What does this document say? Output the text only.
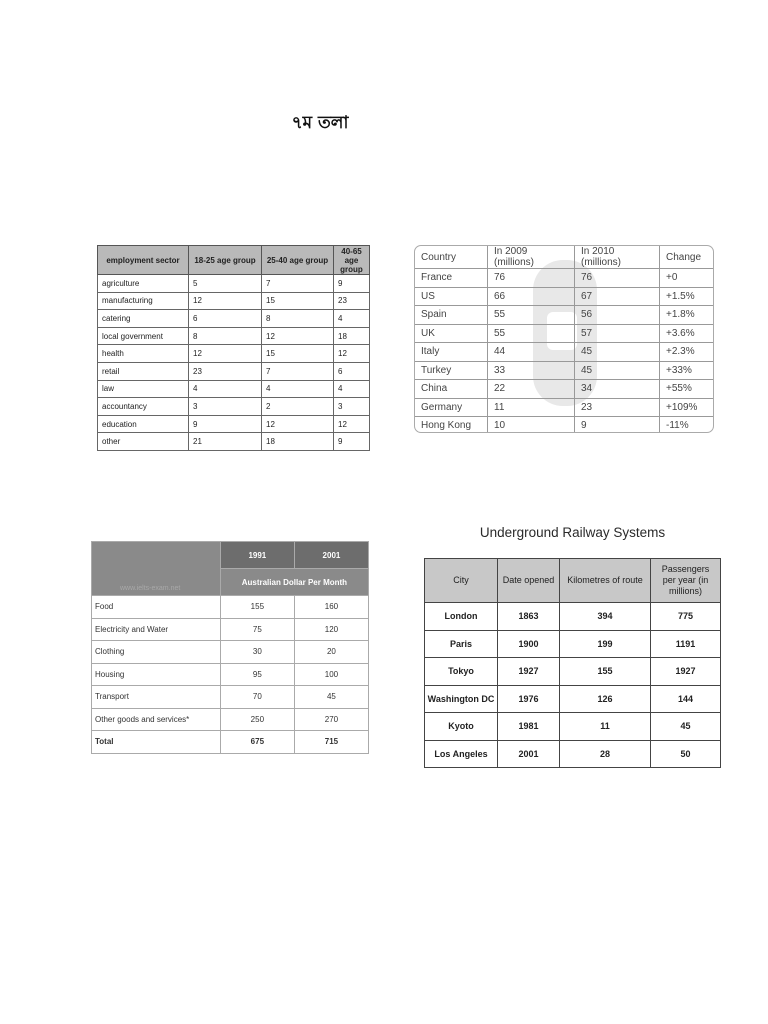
৭ম তলা
employment sector	18-25 age group	25-40 age group	40-65 age group
agriculture	5	7	9
manufacturing	12	15	23
catering	6	8	4
local government	8	12	18
health	12	15	12
retail	23	7	6
law	4	4	4
accountancy	3	2	3
education	9	12	12
other	21	18	9
Country	In 2009 (millions)	In 2010 (millions)	Change
France	76	76	+0
US	66	67	+1.5%
Spain	55	56	+1.8%
UK	55	57	+3.6%
Italy	44	45	+2.3%
Turkey	33	45	+33%
China	22	34	+55%
Germany	11	23	+109%
Hong Kong	10	9	-11%
www.ielts-exam.net	1991	2001
	Australian Dollar Per Month	
Food	155	160
Electricity and Water	75	120
Clothing	30	20
Housing	95	100
Transport	70	45
Other goods and services*	250	270
Total	675	715
Underground Railway Systems
City	Date opened	Kilometres of route	Passengers per year (in millions)
London	1863	394	775
Paris	1900	199	1191
Tokyo	1927	155	1927
Washington DC	1976	126	144
Kyoto	1981	11	45
Los Angeles	2001	28	50
